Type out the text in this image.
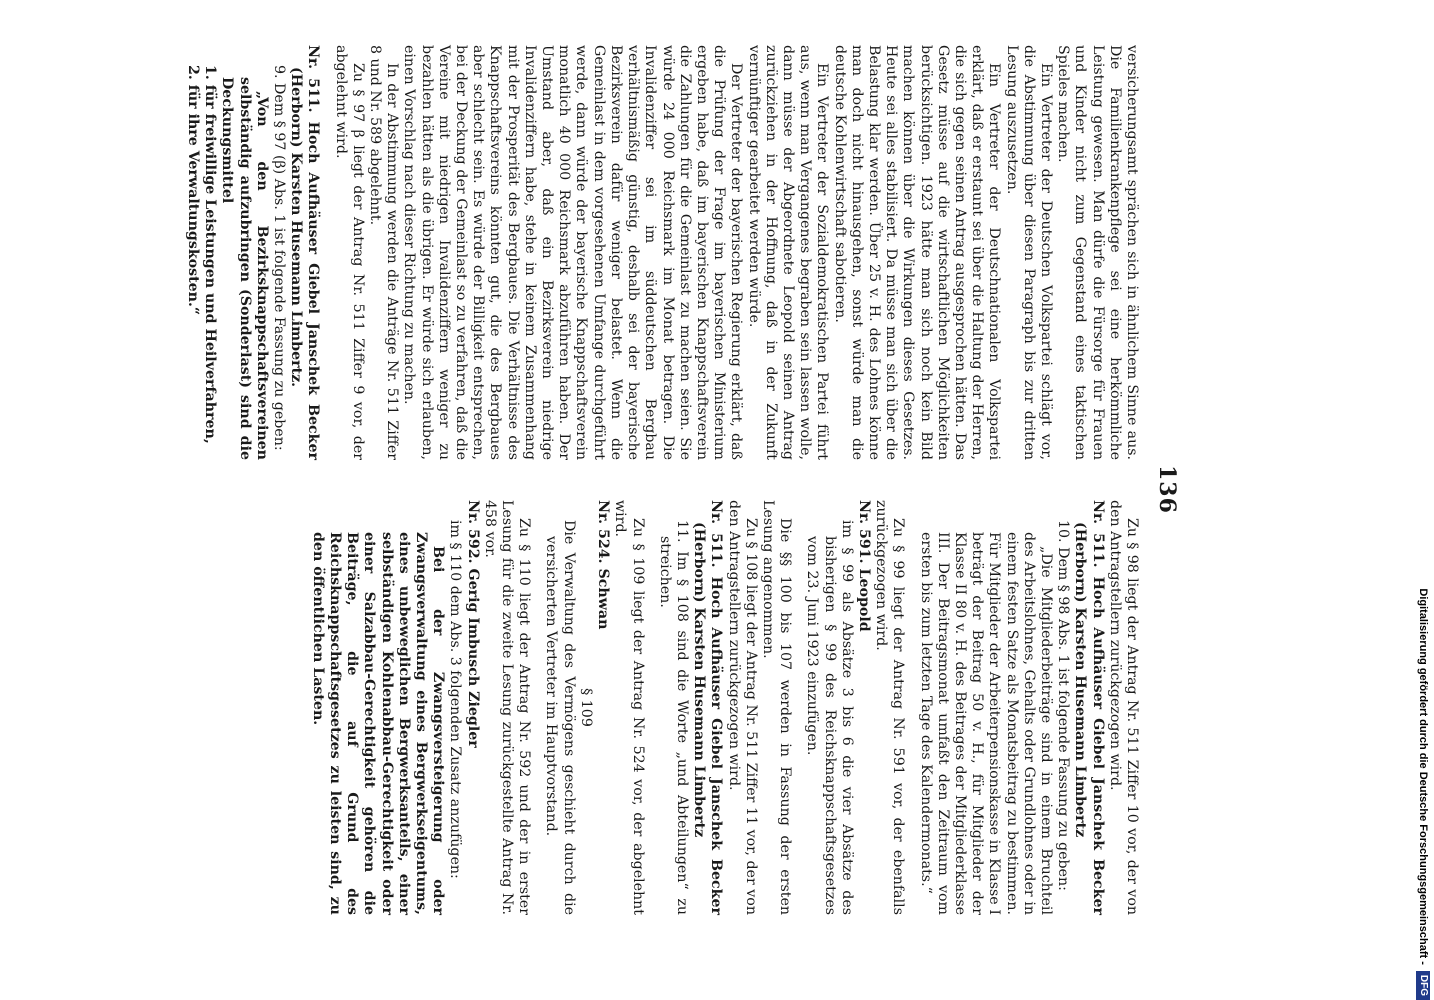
136

versicherungsamt sprächen sich in ähnlichem Sinne aus. Die Familienkrankenpflege sei eine herkömmliche Leistung gewesen. Man dürfe die Fürsorge für Frauen und Kinder nicht zum Gegenstand eines taktischen Spieles machen.

Ein Vertreter der Deutschen Volkspartei schlägt vor, die Abstimmung über diesen Paragraph bis zur dritten Lesung auszusetzen.

Ein Vertreter der Deutschnationalen Volkspartei erklärt, daß er erstaunt sei über die Haltung der Herren, die sich gegen seinen Antrag ausgesprochen hätten. Das Gesetz müsse auf die wirtschaftlichen Möglichkeiten berücksichtigen. 1923 hätte man sich noch kein Bild machen können über die Wirkungen dieses Gesetzes. Heute sei alles stabilisiert. Da müsse man sich über die Belastung klar werden. Über 25 v. H. des Lohnes könne man doch nicht hinausgehen, sonst würde man die deutsche Kohlenwirtschaft sabotieren.

Ein Vertreter der Sozialdemokratischen Partei führt aus, wenn man Vergangenes begraben sein lassen wolle, dann müsse der Abgeordnete Leopold seinen Antrag zurückziehen in der Hoffnung, daß in der Zukunft vernünftiger gearbeitet werden würde.

Der Vertreter der bayerischen Regierung erklärt, daß die Prüfung der Frage im bayerischen Ministerium ergeben habe, daß im bayerischen Knappschaftsverein die Zahlungen für die Gemeinlast zu machen seien. Sie würde 24 000 Reichsmark im Monat betragen. Die Invalidenziffer sei im süddeutschen Bergbau verhältnismäßig günstig, deshalb sei der bayerische Bezirksverein dafür weniger belastet. Wenn die Gemeinlast in dem vorgesehenen Umfange durchgeführt werde, dann würde der bayerische Knappschaftsverein monatlich 40 000 Reichsmark abzuführen haben. Der Umstand aber, daß ein Bezirksverein niedrige Invalidenziffern habe, stehe in keinem Zusammenhang mit der Prosperität des Bergbaues. Die Verhältnisse des Knappschaftsvereins könnten gut, die des Bergbaues aber schlecht sein. Es würde der Billigkeit entsprechen, bei der Deckung der Gemeinlast so zu verfahren, daß die Vereine mit niedrigen Invalidenziffern weniger zu bezahlen hätten als die übrigen. Er würde sich erlauben, einen Vorschlag nach dieser Richtung zu machen.

In der Abstimmung werden die Anträge Nr. 511 Ziffer 8 und Nr. 589 abgelehnt.

Zu § 97 β liegt der Antrag Nr. 511 Ziffer 9 vor, der abgelehnt wird.

Nr. 511. Hoch Aufhäuser Giebel Janschek Becker (Herborn) Karsten Husemann Limbertz.

9. Dem § 97 (β) Abs. 1 ist folgende Fassung zu geben:

„Von den Bezirksknappschaftsvereinen selbständig aufzubringen (Sonderlast) sind die Deckungsmittel

1. für freiwillige Leistungen und Heilverfahren,

2. für ihre Verwaltungskosten.“

Zu § 98 liegt der Antrag Nr. 511 Ziffer 10 vor, der von den Antragstellern zurückgezogen wird.

Nr. 511. Hoch Aufhäuser Giebel Janschek Becker (Herborn) Karsten Husemann Limbertz

10. Dem § 98 Abs. 1 ist folgende Fassung zu geben:

„Die Mitgliederbeiträge sind in einem Bruchteil des Arbeitslohnes, Gehalts oder Grundlohnes oder in einem festen Satze als Monatsbeitrag zu bestimmen. Für Mitglieder der Arbeiterpensionskasse in Klasse I beträgt der Beitrag 50 v. H., für Mitglieder der Klasse II 80 v. H. des Beitrages der Mitgliederklasse III. Der Beitragsmonat umfaßt den Zeitraum vom ersten bis zum letzten Tage des Kalendermonats.“

Zu § 99 liegt der Antrag Nr. 591 vor, der ebenfalls zurückgezogen wird.

Nr. 591. Leopold

im § 99 als Absätze 3 bis 6 die vier Absätze des bisherigen § 99 des Reichsknappschaftsgesetzes vom 23. Juni 1923 einzufügen.

Die §§ 100 bis 107 werden in Fassung der ersten Lesung angenommen.

Zu § 108 liegt der Antrag Nr. 511 Ziffer 11 vor, der von den Antragstellern zurückgezogen wird.

Nr. 511. Hoch Aufhäuser Giebel Janschek Becker (Herborn) Karsten Husemann Limbertz

11. Im § 108 sind die Worte „und Abteilungen“ zu streichen.

Zu § 109 liegt der Antrag Nr. 524 vor, der abgelehnt wird.

Nr. 524. Schwan

§ 109

Die Verwaltung des Vermögens geschieht durch die versicherten Vertreter im Hauptvorstand.

Zu § 110 liegt der Antrag Nr. 592 und der in erster Lesung für die zweite Lesung zurückgestellte Antrag Nr. 458 vor.

Nr. 592. Gerig Imbusch Ziegler

im § 110 dem Abs. 3 folgenden Zusatz anzufügen:

Bei der Zwangsversteigerung oder Zwangsverwaltung eines Bergwerkseigentums, eines unbeweglichen Bergwerksanteils, einer selbständigen Kohlenabbau-Gerechtigkeit oder einer Salzabbau-Gerechtigkeit gehören die Beiträge, die auf Grund des Reichsknappschaftsgesetzes zu leisten sind, zu den öffentlichen Lasten.	Digitalisierung gefördert durch die Deutsche Forschungsgemeinschaft -DFG
